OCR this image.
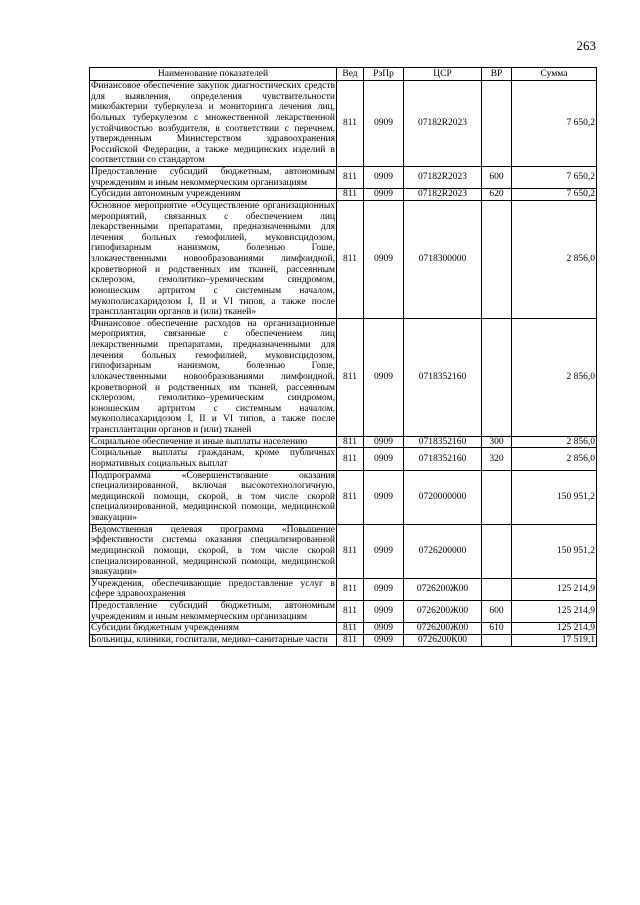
263
Наименование показателей	Вед	РзПр	ЦСР	ВР	Сумма
Финансовое обеспечение закупок диагностических средств для выявления, определения чувствительности микобактерии туберкулеза и мониторинга лечения лиц, больных туберкулезом с множественной лекарственной устойчивостью возбудителя, в соответствии с перечнем, утвержденным Министерством здравоохранения Российской Федерации, а также медицинских изделий в соответствии со стандартом	811	0909	07182R2023		7 650,2
Предоставление субсидий бюджетным, автономным учреждениям и иным некоммерческим организациям	811	0909	07182R2023	600	7 650,2
Субсидии автономным учреждениям	811	0909	07182R2023	620	7 650,2
Основное мероприятие «Осуществление организационных мероприятий, связанных с обеспечением лиц лекарственными препаратами, предназначенными для лечения больных гемофилией, муковисцидозом, гипофизарным нанизмом, болезнью Гоше, злокачественными новообразованиями лимфоидной, кроветворной и родственных им тканей, рассеянным склерозом, гемолитико–уремическим синдромом, юношеским артритом с системным началом, мукополисахаридозом I, II и VI типов, а также после трансплантации органов и (или) тканей»	811	0909	0718300000		2 856,0
Финансовое обеспечение расходов на организационные мероприятия, связанные с обеспечением лиц лекарственными препаратами, предназначенными для лечения больных гемофилией, муковисцидозом, гипофизарным нанизмом, болезнью Гоше, злокачественными новообразованиями лимфоидной, кроветворной и родственных им тканей, рассеянным склерозом, гемолитико–уремическим синдромом, юношеским артритом с системным началом, мукополисахаридозом I, II и VI типов, а также после трансплантации органов и (или) тканей	811	0909	0718352160		2 856,0
Социальное обеспечение и иные выплаты населению	811	0909	0718352160	300	2 856,0
Социальные выплаты гражданам, кроме публичных нормативных социальных выплат	811	0909	0718352160	320	2 856,0
Подпрограмма «Совершенствование оказания специализированной, включая высокотехнологичную, медицинской помощи, скорой, в том числе скорой специализированной, медицинской помощи, медицинской эвакуации»	811	0909	0720000000		150 951,2
Ведомственная целевая программа «Повышение эффективности системы оказания специализированной медицинской помощи, скорой, в том числе скорой специализированной, медицинской помощи, медицинской эвакуации»	811	0909	0726200000		150 951,2
Учреждения, обеспечивающие предоставление услуг в сфере здравоохранения	811	0909	0726200Ж00		125 214,9
Предоставление субсидий бюджетным, автономным учреждениям и иным некоммерческим организациям	811	0909	0726200Ж00	600	125 214,9
Субсидии бюджетным учреждениям	811	0909	0726200Ж00	610	125 214,9
Больницы, клиники, госпитали, медико–санитарные части	811	0909	0726200К00		17 519,1
